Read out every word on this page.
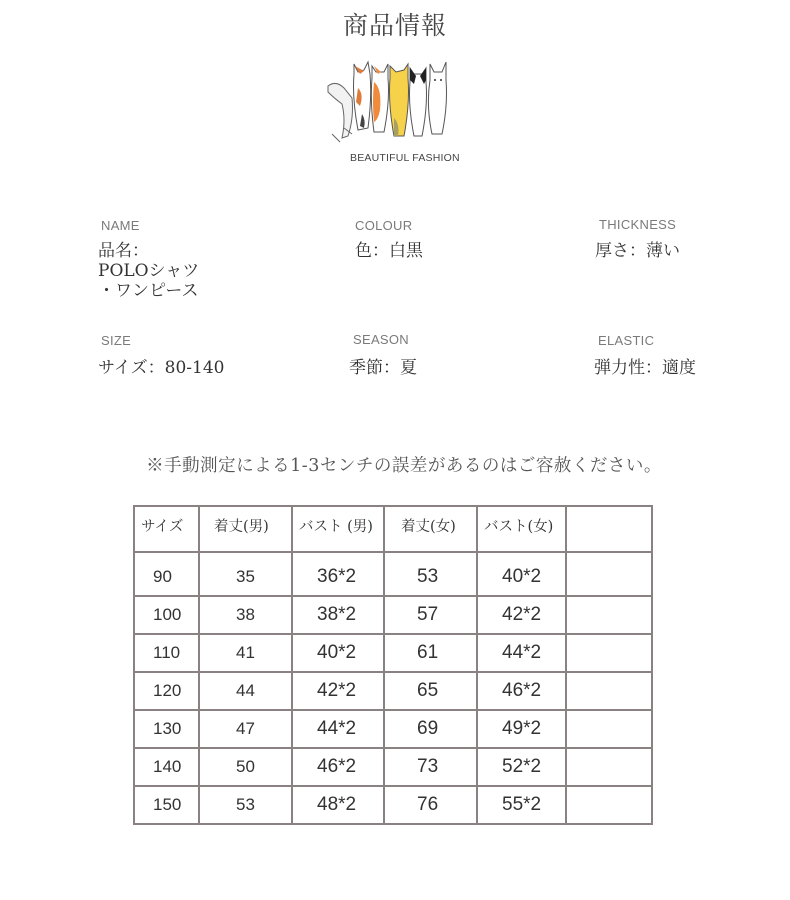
商品情報
BEAUTIFUL FASHION
NAME
品名：
POLOシャツ
・ワンピース
COLOUR
色：白黒
THICKNESS
厚さ：薄い
SIZE
サイズ：80-140
SEASON
季節：夏
ELASTIC
弾力性：適度
※手動測定による1-3センチの誤差があるのはご容赦ください。
サイズ	着丈(男)	バスト (男)	着丈(女)	バスト(女)	
90	35	36*2	53	40*2	
100	38	38*2	57	42*2	
110	41	40*2	61	44*2	
120	44	42*2	65	46*2	
130	47	44*2	69	49*2	
140	50	46*2	73	52*2	
150	53	48*2	76	55*2	
